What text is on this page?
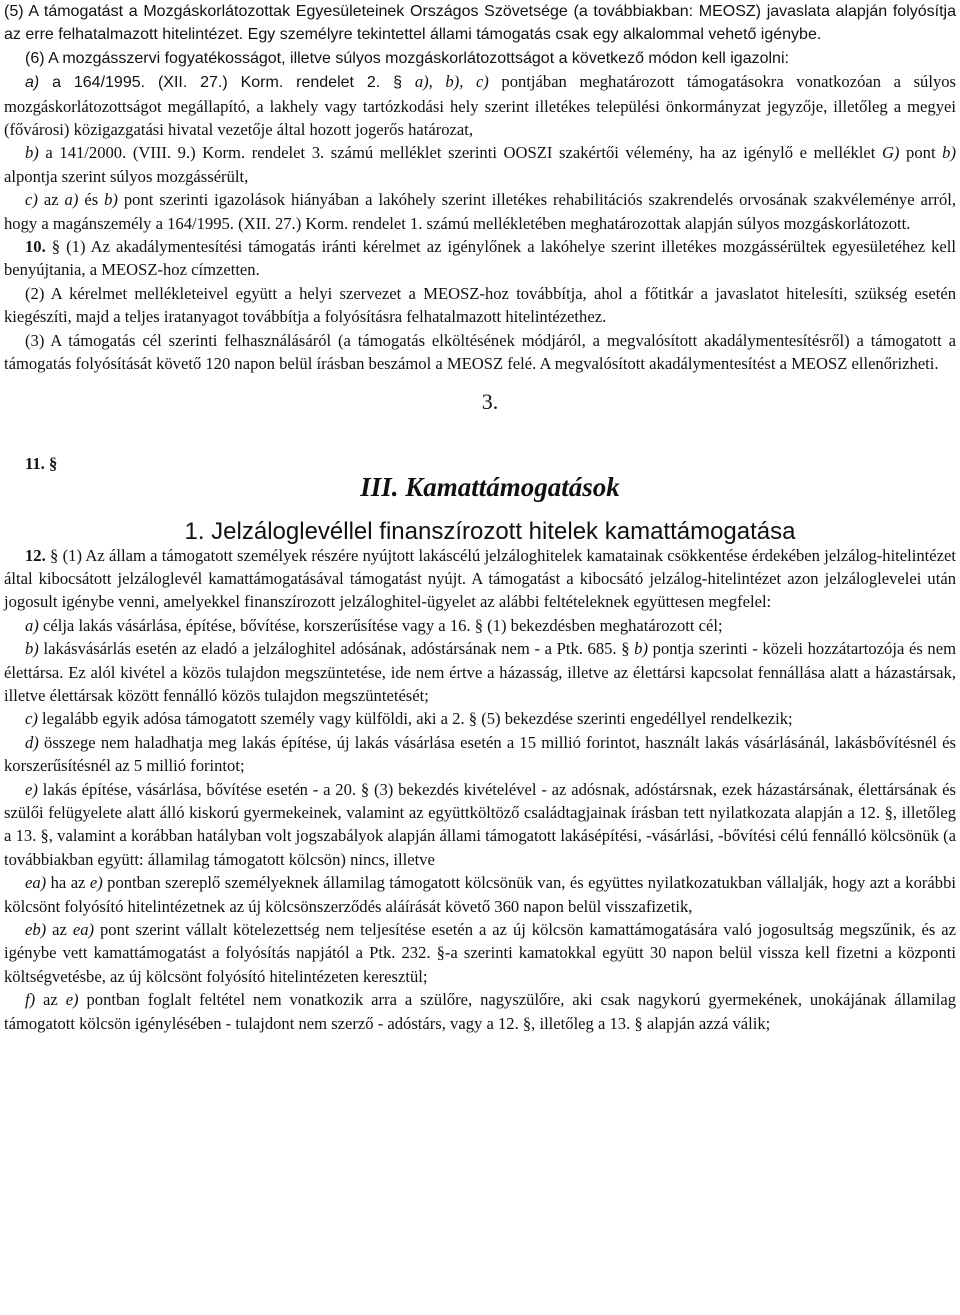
(5) A támogatást a Mozgáskorlátozottak Egyesületeinek Országos Szövetsége (a továbbiakban: MEOSZ) javaslata alapján folyósítja az erre felhatalmazott hitelintézet. Egy személyre tekintettel állami támogatás csak egy alkalommal vehető igénybe.

(6) A mozgásszervi fogyatékosságot, illetve súlyos mozgáskorlátozottságot a következő módon kell igazolni:

a) a 164/1995. (XII. 27.) Korm. rendelet 2. § a), b), c) pontjában meghatározott támogatásokra vonatkozóan a súlyos mozgáskorlátozottságot megállapító, a lakhely vagy tartózkodási hely szerint illetékes települési önkormányzat jegyzője, illetőleg a megyei (fővárosi) közigazgatási hivatal vezetője által hozott jogerős határozat,

b) a 141/2000. (VIII. 9.) Korm. rendelet 3. számú melléklet szerinti OOSZI szakértői vélemény, ha az igénylő e melléklet G) pont b) alpontja szerint súlyos mozgássérült,

c) az a) és b) pont szerinti igazolások hiányában a lakóhely szerint illetékes rehabilitációs szakrendelés orvosának szakvéleménye arról, hogy a magánszemély a 164/1995. (XII. 27.) Korm. rendelet 1. számú mellékletében meghatározottak alapján súlyos mozgáskorlátozott.

10. § (1) Az akadálymentesítési támogatás iránti kérelmet az igénylőnek a lakóhelye szerint illetékes mozgássérültek egyesületéhez kell benyújtania, a MEOSZ-hoz címzetten.

(2) A kérelmet mellékleteivel együtt a helyi szervezet a MEOSZ-hoz továbbítja, ahol a főtitkár a javaslatot hitelesíti, szükség esetén kiegészíti, majd a teljes iratanyagot továbbítja a folyósításra felhatalmazott hitelintézethez.

(3) A támogatás cél szerinti felhasználásáról (a támogatás elköltésének módjáról, a megvalósított akadálymentesítésről) a támogatott a támogatás folyósítását követő 120 napon belül írásban beszámol a MEOSZ felé. A megvalósított akadálymentesítést a MEOSZ ellenőrizheti.

3.
11. §
III. Kamattámogatások
1. Jelzáloglevéllel finanszírozott hitelek kamattámogatása

12. § (1) Az állam a támogatott személyek részére nyújtott lakáscélú jelzáloghitelek kamatainak csökkentése érdekében jelzálog-hitelintézet által kibocsátott jelzáloglevél kamattámogatásával támogatást nyújt. A támogatást a kibocsátó jelzálog-hitelintézet azon jelzáloglevelei után jogosult igénybe venni, amelyekkel finanszírozott jelzáloghitel-ügyelet az alábbi feltételeknek együttesen megfelel:

a) célja lakás vásárlása, építése, bővítése, korszerűsítése vagy a 16. § (1) bekezdésben meghatározott cél;

b) lakásvásárlás esetén az eladó a jelzáloghitel adósának, adóstársának nem - a Ptk. 685. § b) pontja szerinti - közeli hozzátartozója és nem élettársa. Ez alól kivétel a közös tulajdon megszüntetése, ide nem értve a házasság, illetve az élettársi kapcsolat fennállása alatt a házastársak, illetve élettársak között fennálló közös tulajdon megszüntetését;

c) legalább egyik adósa támogatott személy vagy külföldi, aki a 2. § (5) bekezdése szerinti engedéllyel rendelkezik;

d) összege nem haladhatja meg lakás építése, új lakás vásárlása esetén a 15 millió forintot, használt lakás vásárlásánál, lakásbővítésnél és korszerűsítésnél az 5 millió forintot;

e) lakás építése, vásárlása, bővítése esetén - a 20. § (3) bekezdés kivételével - az adósnak, adóstársnak, ezek házastársának, élettársának és szülői felügyelete alatt álló kiskorú gyermekeinek, valamint az együttköltöző családtagjainak írásban tett nyilatkozata alapján a 12. §, illetőleg a 13. §, valamint a korábban hatályban volt jogszabályok alapján állami támogatott lakásépítési, -vásárlási, -bővítési célú fennálló kölcsönük (a továbbiakban együtt: államilag támogatott kölcsön) nincs, illetve

ea) ha az e) pontban szereplő személyeknek államilag támogatott kölcsönük van, és együttes nyilatkozatukban vállalják, hogy azt a korábbi kölcsönt folyósító hitelintézetnek az új kölcsönszerződés aláírását követő 360 napon belül visszafizetik,

eb) az ea) pont szerint vállalt kötelezettség nem teljesítése esetén a az új kölcsön kamattámogatására való jogosultság megszűnik, és az igénybe vett kamattámogatást a folyósítás napjától a Ptk. 232. §-a szerinti kamatokkal együtt 30 napon belül vissza kell fizetni a központi költségvetésbe, az új kölcsönt folyósító hitelintézeten keresztül;

f) az e) pontban foglalt feltétel nem vonatkozik arra a szülőre, nagyszülőre, aki csak nagykorú gyermekének, unokájának államilag támogatott kölcsön igénylésében - tulajdont nem szerző - adóstárs, vagy a 12. §, illetőleg a 13. § alapján azzá válik;
